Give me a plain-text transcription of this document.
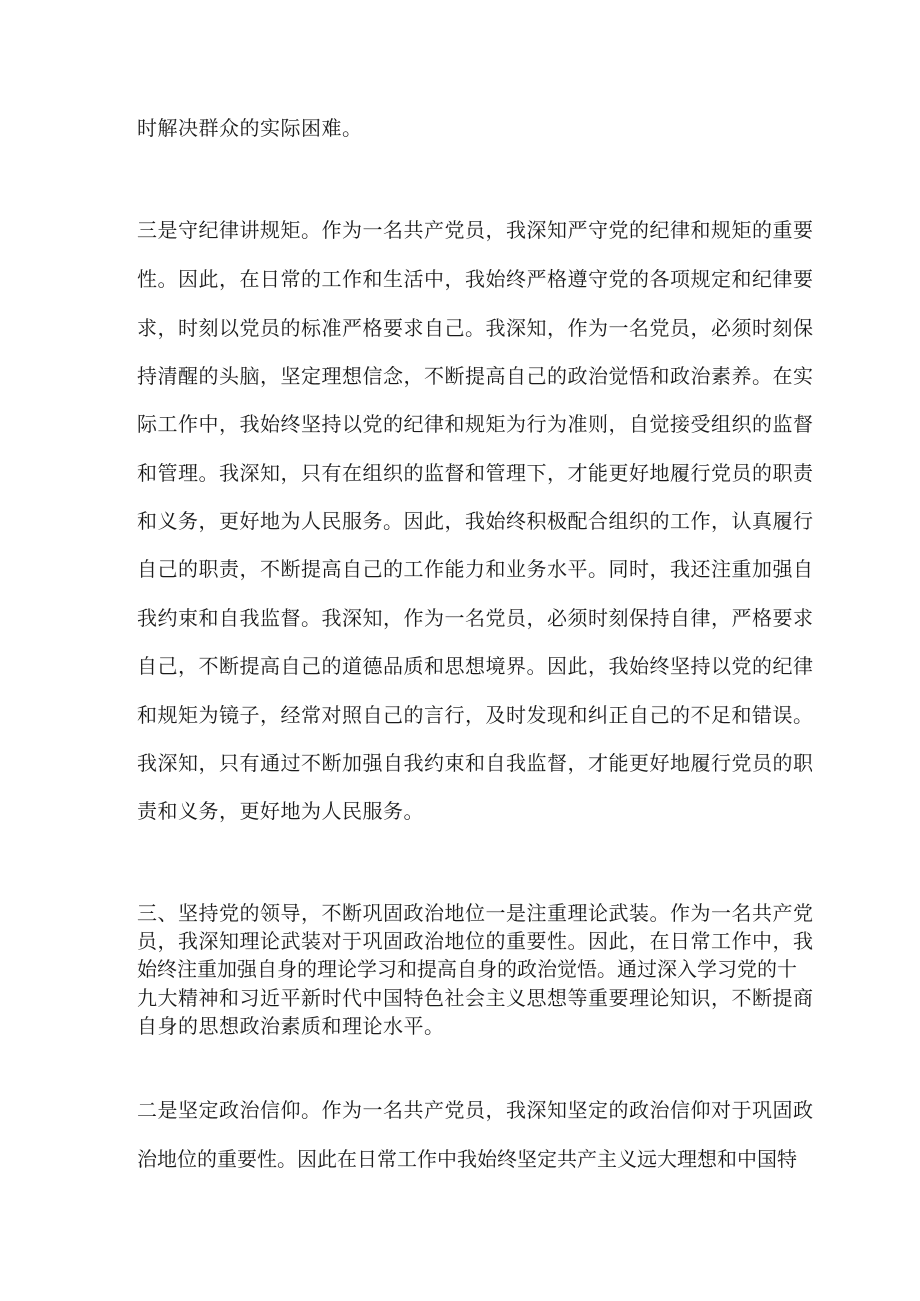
时解决群众的实际困难。
三是守纪律讲规矩。作为一名共产党员，我深知严守党的纪律和规矩的重要
性。因此，在日常的工作和生活中，我始终严格遵守党的各项规定和纪律要
求，时刻以党员的标准严格要求自己。我深知，作为一名党员，必须时刻保
持清醒的头脑，坚定理想信念，不断提高自己的政治觉悟和政治素养。在实
际工作中，我始终坚持以党的纪律和规矩为行为准则，自觉接受组织的监督
和管理。我深知，只有在组织的监督和管理下，才能更好地履行党员的职责
和义务，更好地为人民服务。因此，我始终积极配合组织的工作，认真履行
自己的职责，不断提高自己的工作能力和业务水平。同时，我还注重加强自
我约束和自我监督。我深知，作为一名党员，必须时刻保持自律，严格要求
自己，不断提高自己的道德品质和思想境界。因此，我始终坚持以党的纪律
和规矩为镜子，经常对照自己的言行，及时发现和纠正自己的不足和错误。
我深知，只有通过不断加强自我约束和自我监督，才能更好地履行党员的职
责和义务，更好地为人民服务。
三、坚持党的领导，不断巩固政治地位一是注重理论武装。作为一名共产党
员，我深知理论武装对于巩固政治地位的重要性。因此，在日常工作中，我
始终注重加强自身的理论学习和提高自身的政治觉悟。通过深入学习党的十
九大精神和习近平新时代中国特色社会主义思想等重要理论知识，不断提商
自身的思想政治素质和理论水平。
二是坚定政治信仰。作为一名共产党员，我深知坚定的政治信仰对于巩固政
治地位的重要性。因此在日常工作中我始终坚定共产主义远大理想和中国特
